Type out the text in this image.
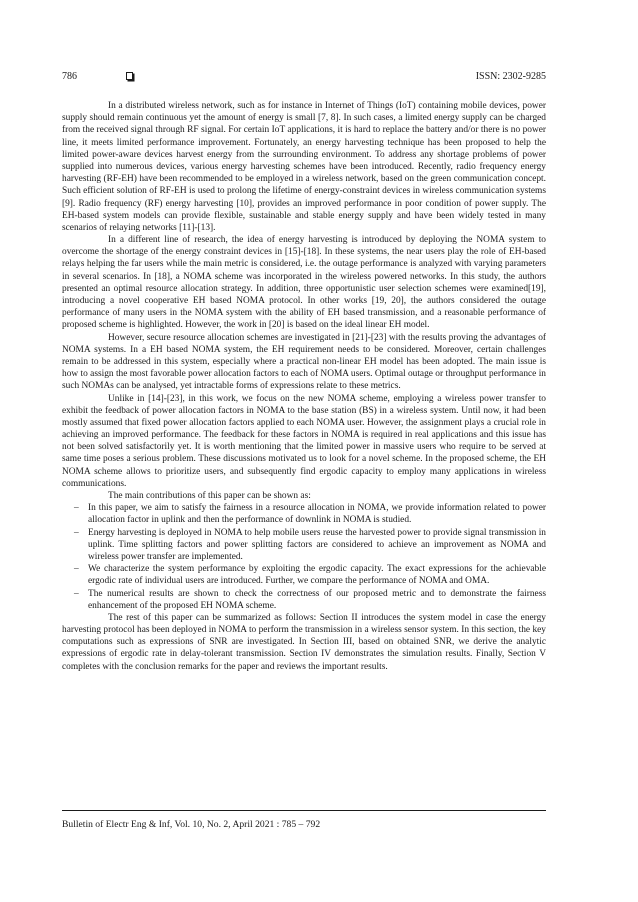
786	ISSN: 2302-9285

In a distributed wireless network, such as for instance in Internet of Things (IoT) containing mobile devices, power supply should remain continuous yet the amount of energy is small [7, 8]. In such cases, a limited energy supply can be charged from the received signal through RF signal. For certain IoT applications, it is hard to replace the battery and/or there is no power line, it meets limited performance improvement. Fortunately, an energy harvesting technique has been proposed to help the limited power-aware devices harvest energy from the surrounding environment. To address any shortage problems of power supplied into numerous devices, various energy harvesting schemes have been introduced. Recently, radio frequency energy harvesting (RF-EH) have been recommended to be employed in a wireless network, based on the green communication concept. Such efficient solution of RF-EH is used to prolong the lifetime of energy-constraint devices in wireless communication systems [9]. Radio frequency (RF) energy harvesting [10], provides an improved performance in poor condition of power supply. The EH-based system models can provide flexible, sustainable and stable energy supply and have been widely tested in many scenarios of relaying networks [11]-[13].

In a different line of research, the idea of energy harvesting is introduced by deploying the NOMA system to overcome the shortage of the energy constraint devices in [15]-[18]. In these systems, the near users play the role of EH-based relays helping the far users while the main metric is considered, i.e. the outage performance is analyzed with varying parameters in several scenarios. In [18], a NOMA scheme was incorporated in the wireless powered networks. In this study, the authors presented an optimal resource allocation strategy. In addition, three opportunistic user selection schemes were examined[19], introducing a novel cooperative EH based NOMA protocol. In other works [19, 20], the authors considered the outage performance of many users in the NOMA system with the ability of EH based transmission, and a reasonable performance of proposed scheme is highlighted. However, the work in [20] is based on the ideal linear EH model.

However, secure resource allocation schemes are investigated in [21]-[23] with the results proving the advantages of NOMA systems. In a EH based NOMA system, the EH requirement needs to be considered. Moreover, certain challenges remain to be addressed in this system, especially where a practical non-linear EH model has been adopted. The main issue is how to assign the most favorable power allocation factors to each of NOMA users. Optimal outage or throughput performance in such NOMAs can be analysed, yet intractable forms of expressions relate to these metrics.

Unlike in [14]-[23], in this work, we focus on the new NOMA scheme, employing a wireless power transfer to exhibit the feedback of power allocation factors in NOMA to the base station (BS) in a wireless system. Until now, it had been mostly assumed that fixed power allocation factors applied to each NOMA user. However, the assignment plays a crucial role in achieving an improved performance. The feedback for these factors in NOMA is required in real applications and this issue has not been solved satisfactorily yet. It is worth mentioning that the limited power in massive users who require to be served at same time poses a serious problem. These discussions motivated us to look for a novel scheme. In the proposed scheme, the EH NOMA scheme allows to prioritize users, and subsequently find ergodic capacity to employ many applications in wireless communications.

The main contributions of this paper can be shown as:

– In this paper, we aim to satisfy the fairness in a resource allocation in NOMA, we provide information related to power allocation factor in uplink and then the performance of downlink in NOMA is studied.
– Energy harvesting is deployed in NOMA to help mobile users reuse the harvested power to provide signal transmission in uplink. Time splitting factors and power splitting factors are considered to achieve an improvement as NOMA and wireless power transfer are implemented.
– We characterize the system performance by exploiting the ergodic capacity. The exact expressions for the achievable ergodic rate of individual users are introduced. Further, we compare the performance of NOMA and OMA.
– The numerical results are shown to check the correctness of our proposed metric and to demonstrate the fairness enhancement of the proposed EH NOMA scheme.

The rest of this paper can be summarized as follows: Section II introduces the system model in case the energy harvesting protocol has been deployed in NOMA to perform the transmission in a wireless sensor system. In this section, the key computations such as expressions of SNR are investigated. In Section III, based on obtained SNR, we derive the analytic expressions of ergodic rate in delay-tolerant transmission. Section IV demonstrates the simulation results. Finally, Section V completes with the conclusion remarks for the paper and reviews the important results.

Bulletin of Electr Eng & Inf, Vol. 10, No. 2, April 2021 : 785 – 792
